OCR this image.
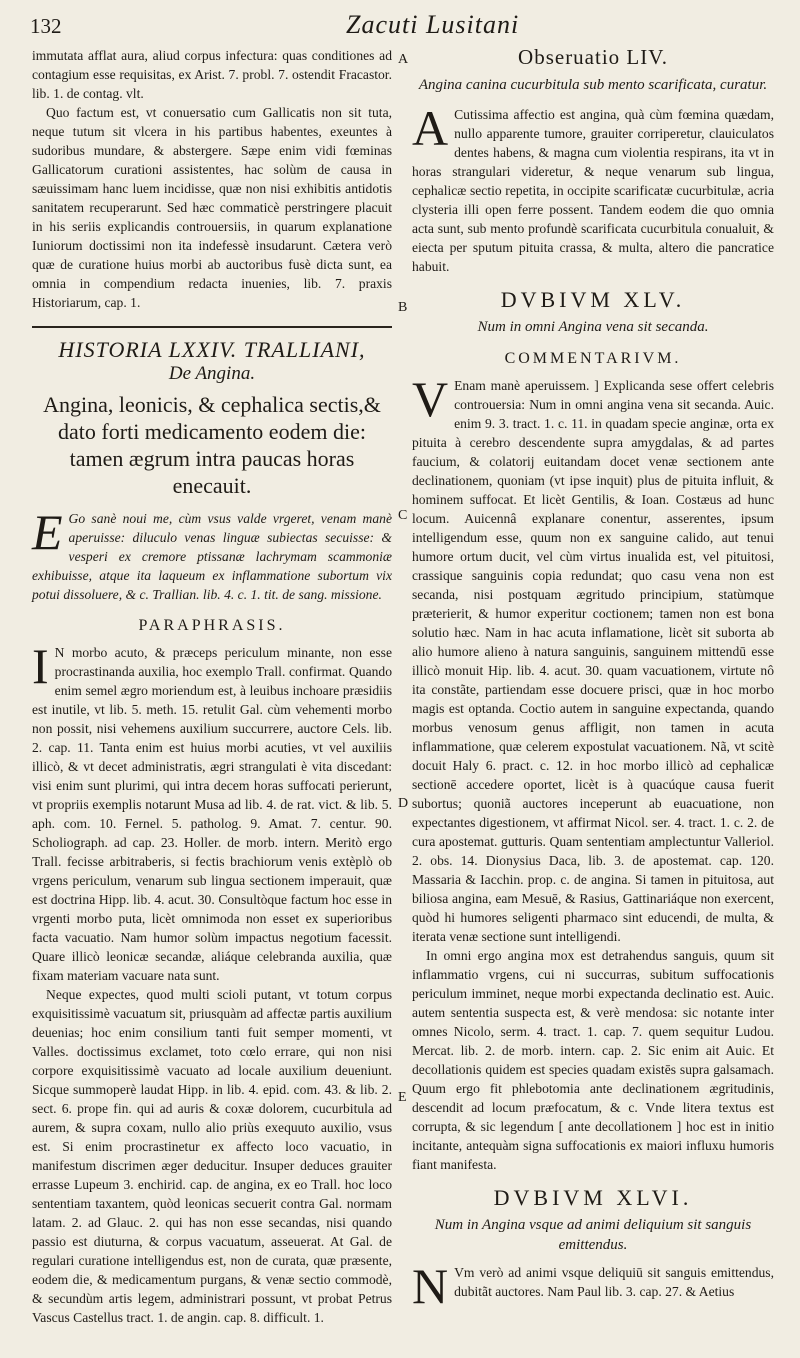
132	Zacuti Lusitani
A
B
C
D
E

immutata afflat aura, aliud corpus infectura: quas conditiones ad contagium esse requisitas, ex Arist. 7. probl. 7. ostendit Fracastor. lib. 1. de contag. vlt.

Quo factum est, vt conuersatio cum Gallicatis non sit tuta, neque tutum sit vlcera in his partibus habentes, exeuntes à sudoribus mundare, & abstergere. Sæpe enim vidi fœminas Gallicatorum curationi assistentes, hac solùm de causa in sæuissimam hanc luem incidisse, quæ non nisi exhibitis antidotis sanitatem recuperarunt. Sed hæc commaticè perstringere placuit in his seriis explicandis controuersiis, in quarum explanatione Iuniorum doctissimi non ita indefessè insudarunt. Cætera verò quæ de curatione huius morbi ab auctoribus fusè dicta sunt, ea omnia in compendium redacta inuenies, lib. 7. praxis Historiarum, cap. 1.

HISTORIA LXXIV. TRALLIANI,
De Angina.
Angina, leonicis, & cephalica sectis,& dato forti medicamento eodem die: tamen ægrum intra paucas horas enecauit.

E Go sanè noui me, cùm vsus valde vrgeret, venam manè aperuisse: diluculo venas linguæ subiectas secuisse: & vesperi ex cremore ptissanæ lachrymam scammoniæ exhibuisse, atque ita laqueum ex inflammatione subortum vix potui dissoluere, & c. Trallian. lib. 4. c. 1. tit. de sang. missione.

PARAPHRASIS.

I N morbo acuto, & præceps periculum minante, non esse procrastinanda auxilia, hoc exemplo Trall. confirmat. Quando enim semel ægro moriendum est, à leuibus inchoare præsidiis est inutile, vt lib. 5. meth. 15. retulit Gal. cùm vehementi morbo non possit, nisi vehemens auxilium succurrere, auctore Cels. lib. 2. cap. 11. Tanta enim est huius morbi acuties, vt vel auxiliis illicò, & vt decet administratis, ægri strangulati è vita discedant: visi enim sunt plurimi, qui intra decem horas suffocati perierunt, vt propriis exemplis notarunt Musa ad lib. 4. de rat. vict. & lib. 5. aph. com. 10. Fernel. 5. patholog. 9. Amat. 7. centur. 90. Scholiograph. ad cap. 23. Holler. de morb. intern. Meritò ergo Trall. fecisse arbitraberis, si fectis brachiorum venis extèplò ob vrgens periculum, venarum sub lingua sectionem imperauit, quæ est doctrina Hipp. lib. 4. acut. 30. Consultòque factum hoc esse in vrgenti morbo puta, licèt omnimoda non esset ex superioribus facta vacuatio. Nam humor solùm impactus negotium facessit. Quare illicò leonicæ secandæ, aliáque celebranda auxilia, quæ fixam materiam vacuare nata sunt.

Neque expectes, quod multi scioli putant, vt totum corpus exquisitissimè vacuatum sit, priusquàm ad affectæ partis auxilium deuenias; hoc enim consilium tanti fuit semper momenti, vt Valles. doctissimus exclamet, toto cœlo errare, qui non nisi corpore exquisitissimè vacuato ad locale auxilium deueniunt. Sicque summoperè laudat Hipp. in lib. 4. epid. com. 43. & lib. 2. sect. 6. prope fin. qui ad auris & coxæ dolorem, cucurbitula ad aurem, & supra coxam, nullo alio priùs exequuto auxilio, vsus est. Si enim procrastinetur ex affecto loco vacuatio, in manifestum discrimen æger deducitur. Insuper deduces grauiter errasse Lupeum 3. enchirid. cap. de angina, ex eo Trall. hoc loco sententiam taxantem, quòd leonicas secuerit contra Gal. normam latam. 2. ad Glauc. 2. qui has non esse secandas, nisi quando passio est diuturna, & corpus vacuatum, asseuerat. At Gal. de regulari curatione intelligendus est, non de curata, quæ præsente, eodem die, & medicamentum purgans, & venæ sectio commodè, & secundùm artis legem, administrari possunt, vt probat Petrus Vascus Castellus tract. 1. de angin. cap. 8. difficult. 1.

Obseruatio LIV.
Angina canina cucurbitula sub mento scarificata, curatur.

A Cutissima affectio est angina, quà cùm fœmina quædam, nullo apparente tumore, grauiter corriperetur, clauiculatos dentes habens, & magna cum violentia respirans, ita vt in horas strangulari videretur, & neque venarum sub lingua, cephalicæ sectio repetita, in occipite scarificatæ cucurbitulæ, acria clysteria illi open ferre possent. Tandem eodem die quo omnia acta sunt, sub mento profundè scarificata cucurbitula conualuit, & eiecta per sputum pituita crassa, & multa, altero die pancratice habuit.

DVBIVM XLV.
Num in omni Angina vena sit secanda.
COMMENTARIVM.

V Enam manè aperuissem. ] Explicanda sese offert celebris controuersia: Num in omni angina vena sit secanda. Auic. enim 9. 3. tract. 1. c. 11. in quadam specie anginæ, orta ex pituita à cerebro descendente supra amygdalas, & ad partes faucium, & colatorij euitandam docet venæ sectionem ante declinationem, quoniam (vt ipse inquit) plus de pituita influit, & hominem suffocat. Et licèt Gentilis, & Ioan. Costæus ad hunc locum. Auicennâ explanare conentur, asserentes, ipsum intelligendum esse, quum non ex sanguine calido, aut tenui humore ortum ducit, vel cùm virtus inualida est, vel pituitosi, crassique sanguinis copia redundat; quo casu vena non est secanda, nisi postquam ægritudo principium, statùmque præterierit, & humor experitur coctionem; tamen non est bona solutio hæc. Nam in hac acuta inflamatione, licèt sit suborta ab alio humore alieno à natura sanguinis, sanguinem mittendū esse illicò monuit Hip. lib. 4. acut. 30. quam vacuationem, virtute nô ita constãte, partiendam esse docuere prisci, quæ in hoc morbo magis est optanda. Coctio autem in sanguine expectanda, quando morbus venosum genus affligit, non tamen in acuta inflammatione, quæ celerem expostulat vacuationem. Nã, vt scitè docuit Haly 6. pract. c. 12. in hoc morbo illicò ad cephalicæ sectionē accedere oportet, licèt is à quacúque causa fuerit subortus; quoniã auctores inceperunt ab euacuatione, non expectantes digestionem, vt affirmat Nicol. ser. 4. tract. 1. c. 2. de cura apostemat. gutturis. Quam sententiam amplectuntur Valleriol. 2. obs. 14. Dionysius Daca, lib. 3. de apostemat. cap. 120. Massaria & Iacchin. prop. c. de angina. Si tamen in pituitosa, aut biliosa angina, eam Mesuē, & Rasius, Gattinariáque non exercent, quòd hi humores seligenti pharmaco sint educendi, de multa, & iterata venæ sectione sunt intelligendi.

In omni ergo angina mox est detrahendus sanguis, quum sit inflammatio vrgens, cui ni succurras, subitum suffocationis periculum imminet, neque morbi expectanda declinatio est. Auic. autem sententia suspecta est, & verè mendosa: sic notante inter omnes Nicolo, serm. 4. tract. 1. cap. 7. quem sequitur Ludou. Mercat. lib. 2. de morb. intern. cap. 2. Sic enim ait Auic. Et decollationis quidem est species quadam existēs supra galsamach. Quum ergo fit phlebotomia ante declinationem ægritudinis, descendit ad locum præfocatum, & c. Vnde litera textus est corrupta, & sic legendum [ ante decollationem ] hoc est in initio incitante, antequàm signa suffocationis ex maiori influxu humoris fiant manifesta.

DVBIVM XLVI.
Num in Angina vsque ad animi deliquium sit sanguis emittendus.

N Vm verò ad animi vsque deliquiū sit sanguis emittendus, dubitãt auctores. Nam Paul lib. 3. cap. 27. & Aetius
